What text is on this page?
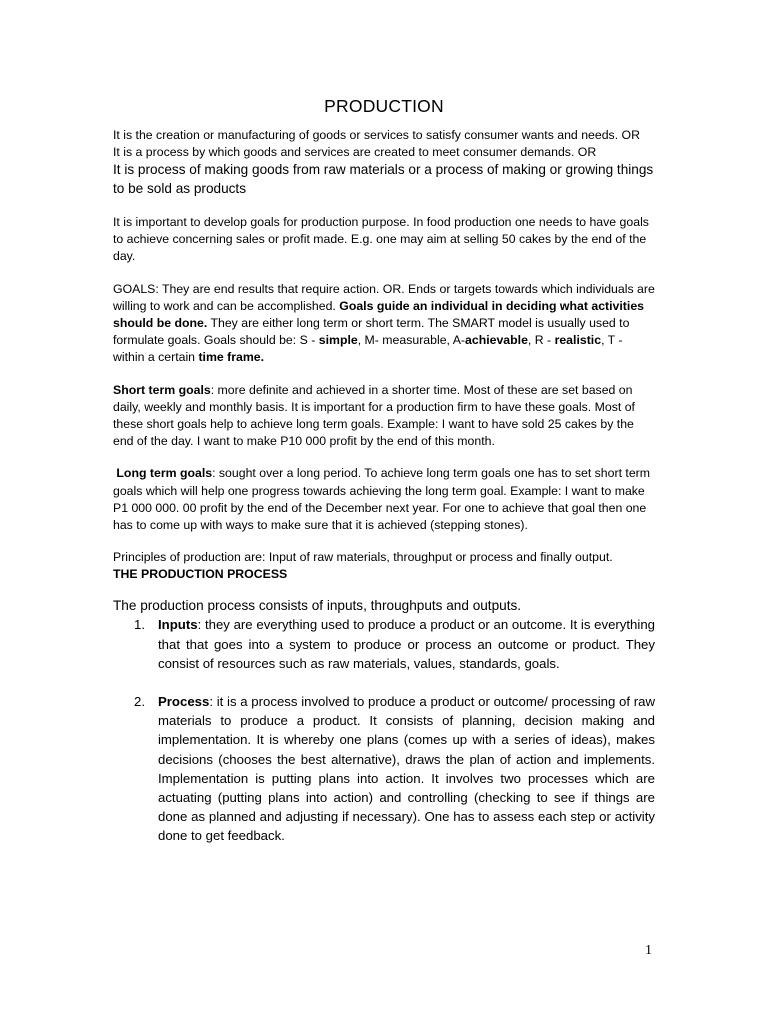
PRODUCTION

It is the creation or manufacturing of goods or services to satisfy consumer wants and needs. OR

It is a process by which goods and services are created to meet consumer demands. OR

It is process of making goods from raw materials or a process of making or growing things to be sold as products

It is important to develop goals for production purpose. In food production one needs to have goals to achieve concerning sales or profit made. E.g. one may aim at selling 50 cakes by the end of the day.

GOALS: They are end results that require action. OR. Ends or targets towards which individuals are willing to work and can be accomplished. Goals guide an individual in deciding what activities should be done. They are either long term or short term. The SMART model is usually used to formulate goals. Goals should be: S - simple, M- measurable, A-achievable, R - realistic, T - within a certain time frame.

Short term goals: more definite and achieved in a shorter time. Most of these are set based on daily, weekly and monthly basis. It is important for a production firm to have these goals. Most of these short goals help to achieve long term goals. Example: I want to have sold 25 cakes by the end of the day. I want to make P10 000 profit by the end of this month.

Long term goals: sought over a long period. To achieve long term goals one has to set short term goals which will help one progress towards achieving the long term goal. Example: I want to make P1 000 000. 00 profit by the end of the December next year. For one to achieve that goal then one has to come up with ways to make sure that it is achieved (stepping stones).

Principles of production are: Input of raw materials, throughput or process and finally output.

THE PRODUCTION PROCESS

The production process consists of inputs, throughputs and outputs.

1. Inputs: they are everything used to produce a product or an outcome. It is everything that that goes into a system to produce or process an outcome or product. They consist of resources such as raw materials, values, standards, goals.
2. Process: it is a process involved to produce a product or outcome/ processing of raw materials to produce a product. It consists of planning, decision making and implementation. It is whereby one plans (comes up with a series of ideas), makes decisions (chooses the best alternative), draws the plan of action and implements. Implementation is putting plans into action. It involves two processes which are actuating (putting plans into action) and controlling (checking to see if things are done as planned and adjusting if necessary). One has to assess each step or activity done to get feedback.
1
